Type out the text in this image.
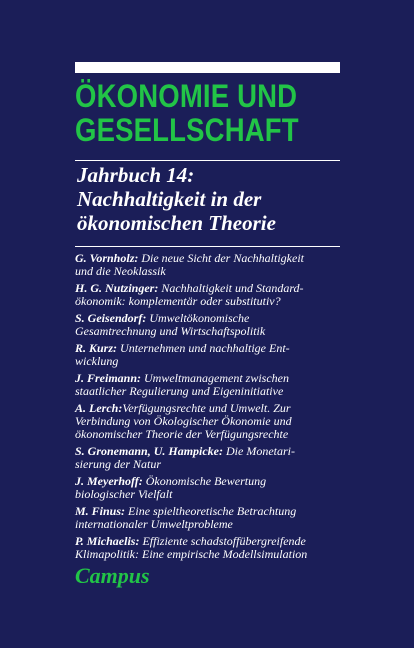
ÖKONOMIE UND
GESELLSCHAFT
Jahrbuch 14:
Nachhaltigkeit in der
ökonomischen Theorie
G. Vornholz: Die neue Sicht der Nachhaltigkeit
und die Neoklassik
H. G. Nutzinger: Nachhaltigkeit und Standard-
ökonomik: komplementär oder substitutiv?
S. Geisendorf: Umweltökonomische
Gesamtrechnung und Wirtschaftspolitik
R. Kurz: Unternehmen und nachhaltige Ent-
wicklung
J. Freimann: Umweltmanagement zwischen
staatlicher Regulierung und Eigeninitiative
A. Lerch:Verfügungsrechte und Umwelt. Zur
Verbindung von Ökologischer Ökonomie und
ökonomischer Theorie der Verfügungsrechte
S. Gronemann, U. Hampicke: Die Monetari-
sierung der Natur
J. Meyerhoff: Ökonomische Bewertung
biologischer Vielfalt
M. Finus: Eine spieltheoretische Betrachtung
internationaler Umweltprobleme
P. Michaelis: Effiziente schadstoffübergreifende
Klimapolitik: Eine empirische Modellsimulation
Campus
